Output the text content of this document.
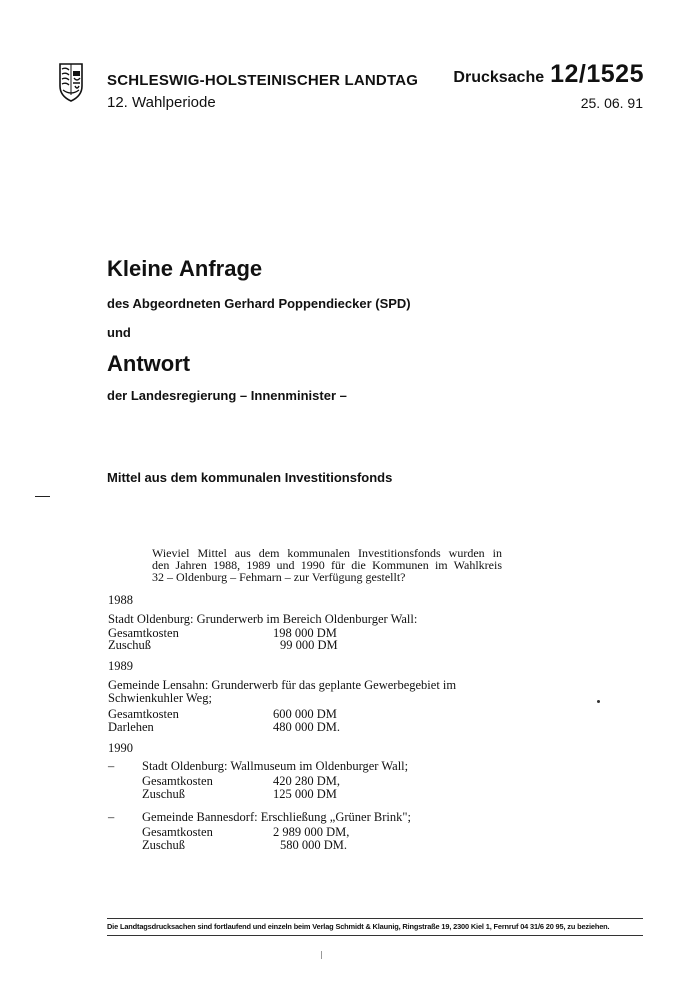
SCHLESWIG-HOLSTEINISCHER LANDTAG
12. Wahlperiode
Drucksache 12/1525
25. 06. 91
Kleine Anfrage
des Abgeordneten Gerhard Poppendiecker (SPD)
und
Antwort
der Landesregierung – Innenminister –
Mittel aus dem kommunalen Investitionsfonds
Wieviel Mittel aus dem kommunalen Investitionsfonds wurden in
den Jahren 1988, 1989 und 1990 für die Kommunen im Wahlkreis
32 – Oldenburg – Fehmarn – zur Verfügung gestellt?
1988
Stadt Oldenburg: Grunderwerb im Bereich Oldenburger Wall:
Gesamtkosten	198 000 DM
Zuschuß	99 000 DM
1989
Gemeinde Lensahn: Grunderwerb für das geplante Gewerbegebiet im
Schwienkuhler Weg;
Gesamtkosten	600 000 DM
Darlehen	480 000 DM.
1990
– Stadt Oldenburg: Wallmuseum im Oldenburger Wall;
Gesamtkosten	420 280 DM,
Zuschuß	125 000 DM
– Gemeinde Bannesdorf: Erschließung „Grüner Brink";
Gesamtkosten	2 989 000 DM,
Zuschuß	580 000 DM.
Die Landtagsdrucksachen sind fortlaufend und einzeln beim Verlag Schmidt & Klaunig, Ringstraße 19, 2300 Kiel 1, Fernruf 04 31/6 20 95, zu beziehen.
